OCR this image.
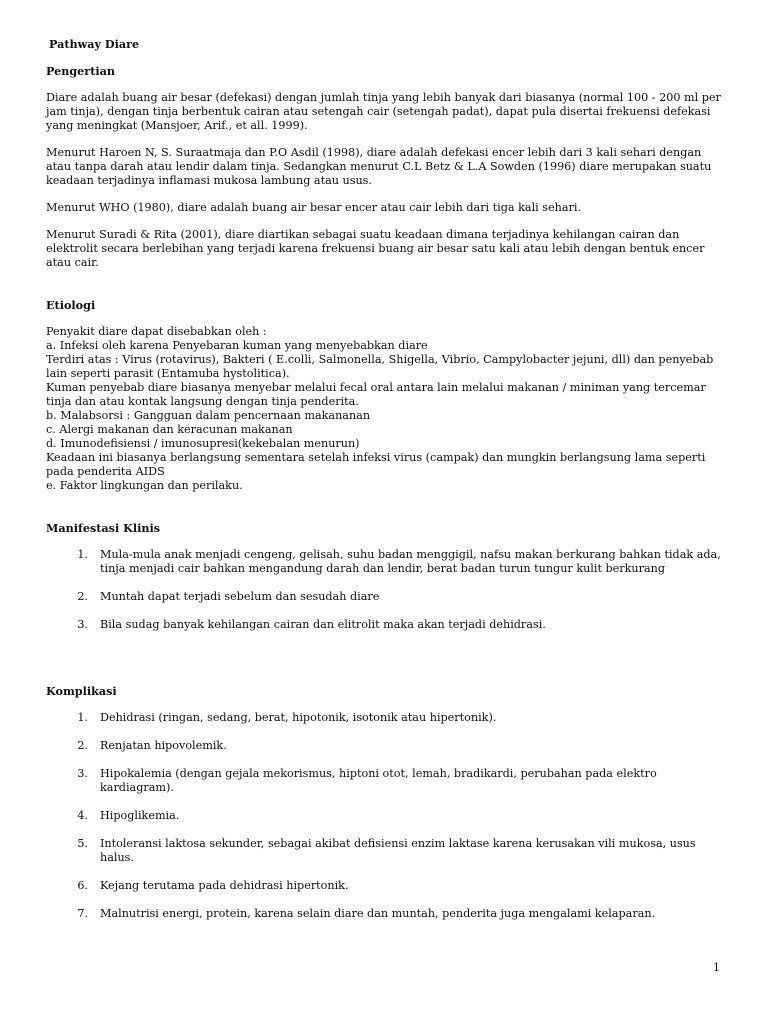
Pathway Diare

Pengertian

Diare adalah buang air besar (defekasi) dengan jumlah tinja yang lebih banyak dari biasanya (normal 100 - 200 ml per jam tinja), dengan tinja berbentuk cairan atau setengah cair (setengah padat), dapat pula disertai frekuensi defekasi yang meningkat (Mansjoer, Arif., et all. 1999).

Menurut Haroen N, S. Suraatmaja dan P.O Asdil (1998), diare adalah defekasi encer lebih dari 3 kali sehari dengan atau tanpa darah atau lendir dalam tinja. Sedangkan menurut C.L Betz & L.A Sowden (1996) diare merupakan suatu keadaan terjadinya inflamasi mukosa lambung atau usus.

Menurut WHO (1980), diare adalah buang air besar encer atau cair lebih dari tiga kali sehari.

Menurut Suradi & Rita (2001), diare diartikan sebagai suatu keadaan dimana terjadinya kehilangan cairan dan elektrolit secara berlebihan yang terjadi karena frekuensi buang air besar satu kali atau lebih dengan bentuk encer atau cair.

Etiologi

Penyakit diare dapat disebabkan oleh :

a. Infeksi oleh karena Penyebaran kuman yang menyebabkan diare

Terdiri atas : Virus (rotavirus), Bakteri ( E.colli, Salmonella, Shigella, Vibrio, Campylobacter jejuni, dll) dan penyebab lain seperti parasit (Entamuba hystolitica).

Kuman penyebab diare biasanya menyebar melalui fecal oral antara lain melalui makanan / miniman yang tercemar tinja dan atau kontak langsung dengan tinja penderita.

b. Malabsorsi : Gangguan dalam pencernaan makananan

c. Alergi makanan dan keracunan makanan

d. Imunodefisiensi / imunosupresi(kekebalan menurun)

Keadaan ini biasanya berlangsung sementara setelah infeksi virus (campak) dan mungkin berlangsung lama seperti pada penderita AIDS

e. Faktor lingkungan dan perilaku.

Manifestasi Klinis

1.	Mula-mula anak menjadi cengeng, gelisah, suhu badan menggigil, nafsu makan berkurang bahkan tidak ada, tinja menjadi cair bahkan mengandung darah dan lendir, berat badan turun tungur kulit berkurang
2.	Muntah dapat terjadi sebelum dan sesudah diare
3.	Bila sudag banyak kehilangan cairan dan elitrolit maka akan terjadi dehidrasi.

Komplikasi

1.	Dehidrasi (ringan, sedang, berat, hipotonik, isotonik atau hipertonik).
2.	Renjatan hipovolemik.
3.	Hipokalemia (dengan gejala mekorismus, hiptoni otot, lemah, bradikardi, perubahan pada elektro kardiagram).
4.	Hipoglikemia.
5.	Intoleransi laktosa sekunder, sebagai akibat defisiensi enzim laktase karena kerusakan vili mukosa, usus halus.
6.	Kejang terutama pada dehidrasi hipertonik.
7.	Malnutrisi energi, protein, karena selain diare dan muntah, penderita juga mengalami kelaparan.
1
